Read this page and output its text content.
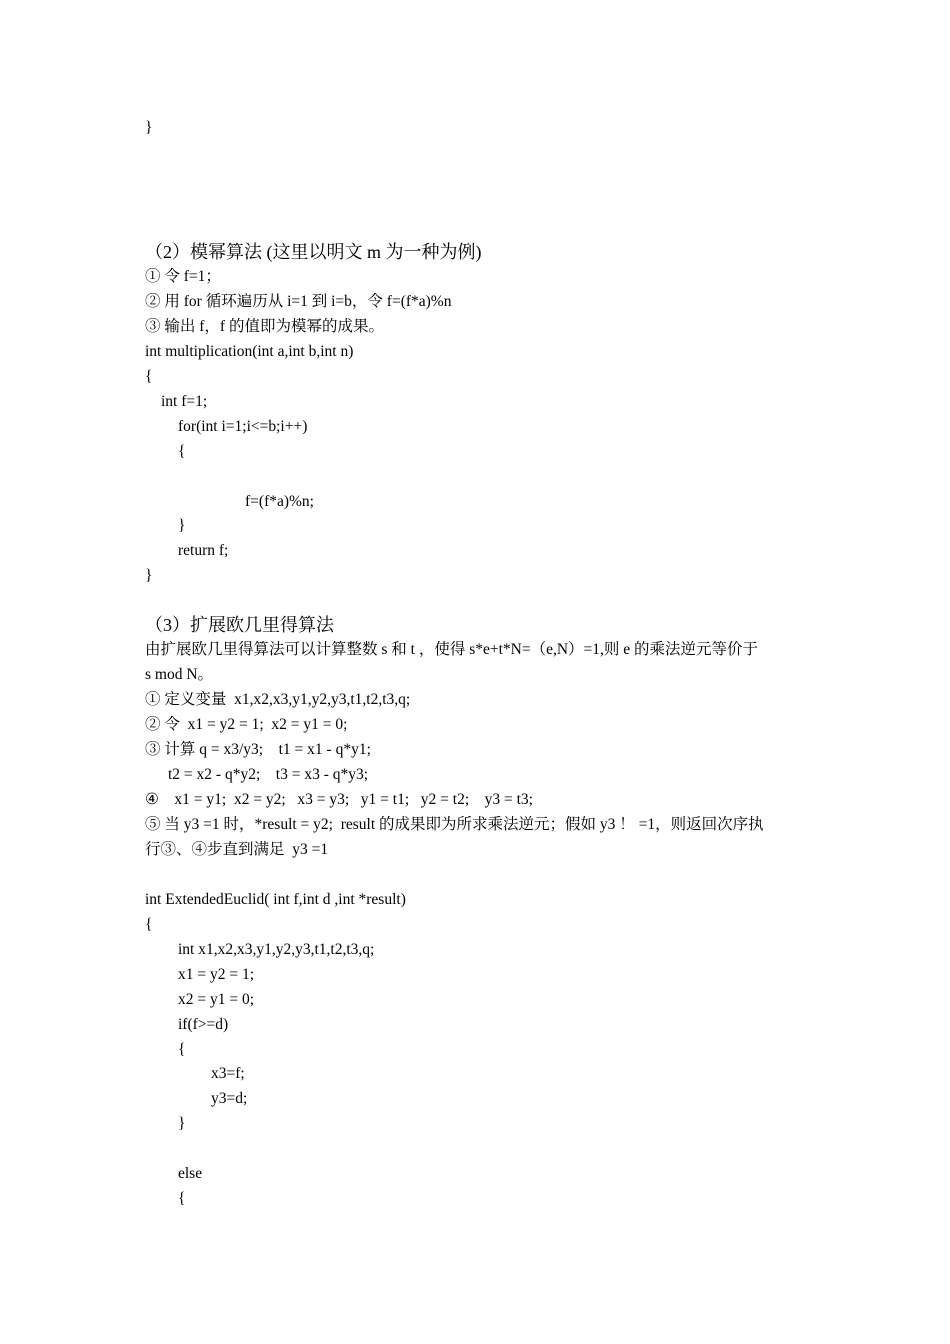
}
（2）模幂算法 (这里以明文 m 为一种为例)
① 令 f=1；
② 用 for 循环遍历从 i=1 到 i=b，令 f=(f*a)%n
③ 输出 f，f 的值即为模幂的成果。
int multiplication(int a,int b,int n)
{
int f=1;
for(int i=1;i<=b;i++)
{
f=(f*a)%n;
}
return f;
}
（3）扩展欧几里得算法
由扩展欧几里得算法可以计算整数 s 和 t ，使得 s*e+t*N=（e,N）=1,则 e 的乘法逆元等价于
s mod N。
① 定义变量  x1,x2,x3,y1,y2,y3,t1,t2,t3,q;
② 令  x1 = y2 = 1;  x2 = y1 = 0;
③ 计算 q = x3/y3;    t1 = x1 - q*y1;
t2 = x2 - q*y2;    t3 = x3 - q*y3;
④    x1 = y1;  x2 = y2;   x3 = y3;   y1 = t1;   y2 = t2;    y3 = t3;
⑤ 当 y3 =1 时，*result = y2;  result 的成果即为所求乘法逆元；假如 y3 ！ =1，则返回次序执
行③、④步直到满足  y3 =1
int ExtendedEuclid( int f,int d ,int *result)
{
int x1,x2,x3,y1,y2,y3,t1,t2,t3,q;
x1 = y2 = 1;
x2 = y1 = 0;
if(f>=d)
{
x3=f;
y3=d;
}
else
{
